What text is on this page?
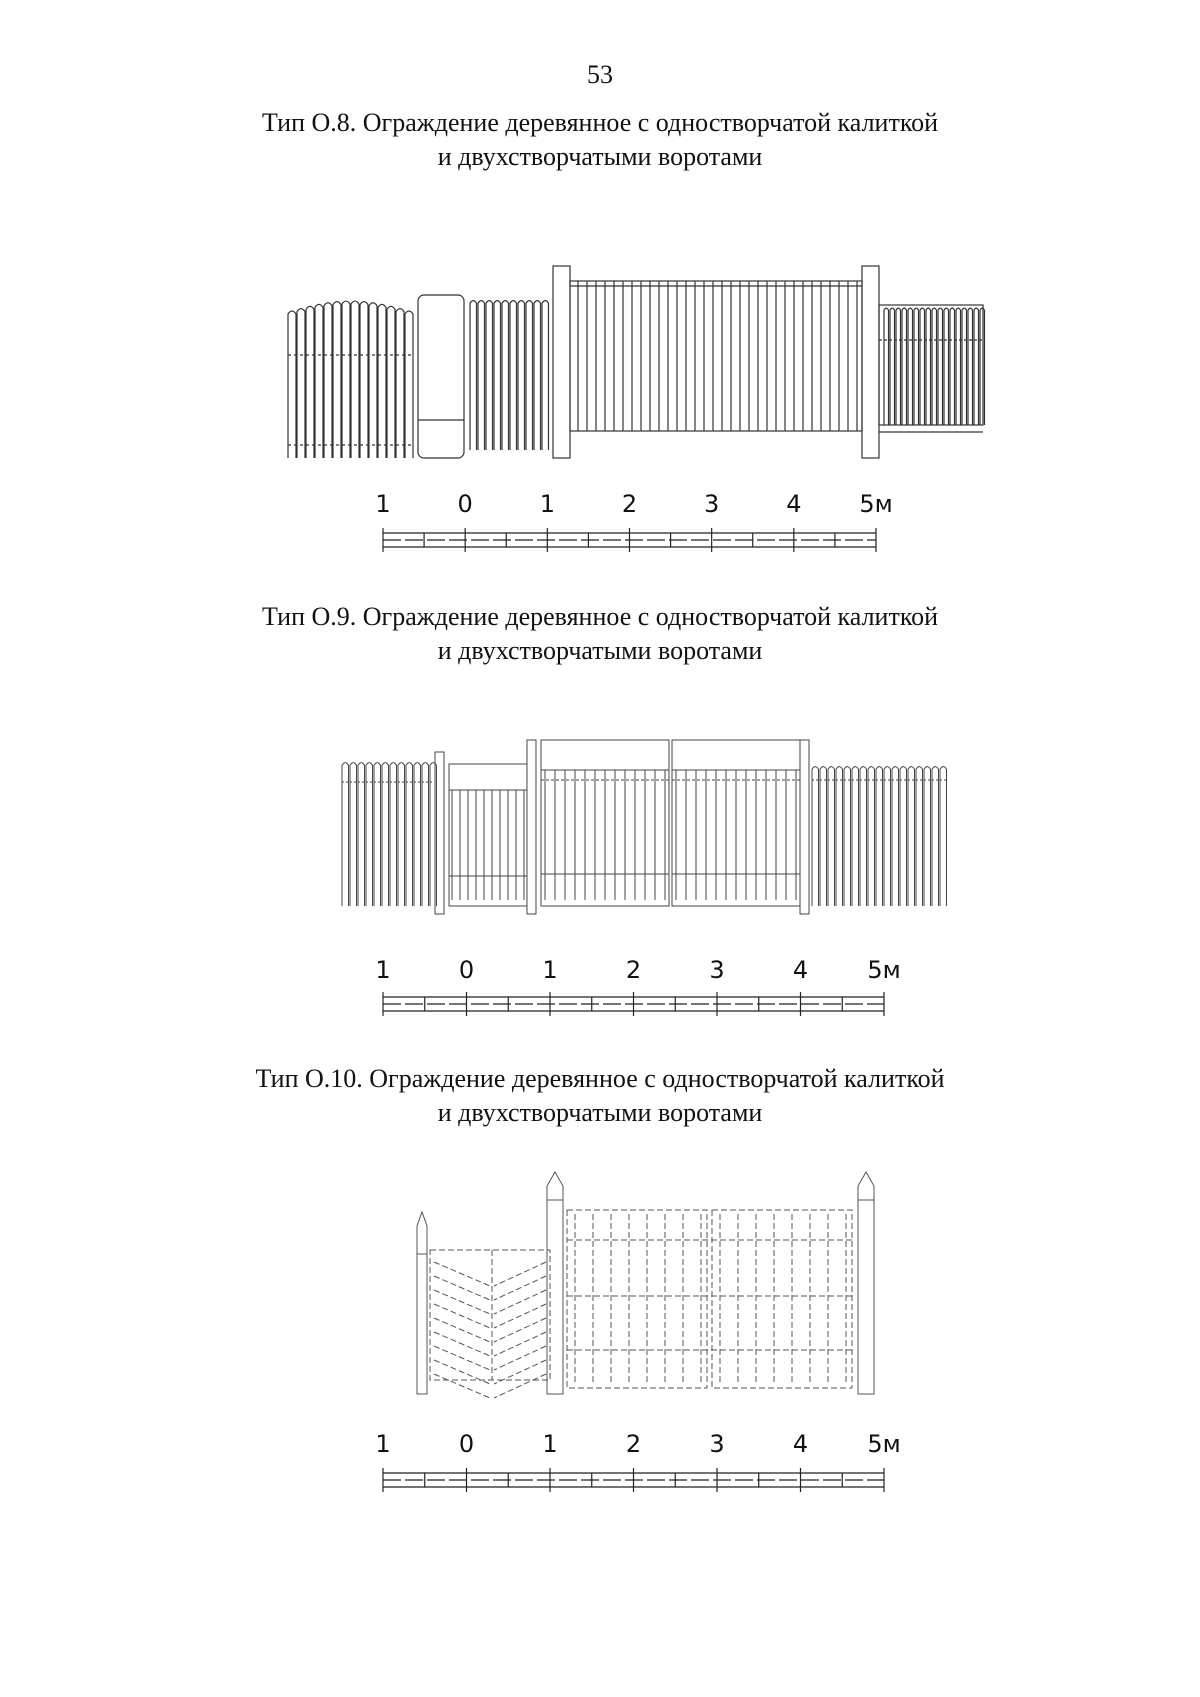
53
Тип О.8. Ограждение деревянное с одностворчатой калиткой
и двухстворчатыми воротами
Тип О.9. Ограждение деревянное с одностворчатой калиткой
и двухстворчатыми воротами
Тип О.10. Ограждение деревянное с одностворчатой калиткой
и двухстворчатыми воротами
1	0	1	2	3	4 5м
1	0	1	2	3	4 5м
1	0	1	2	3	4 5м
